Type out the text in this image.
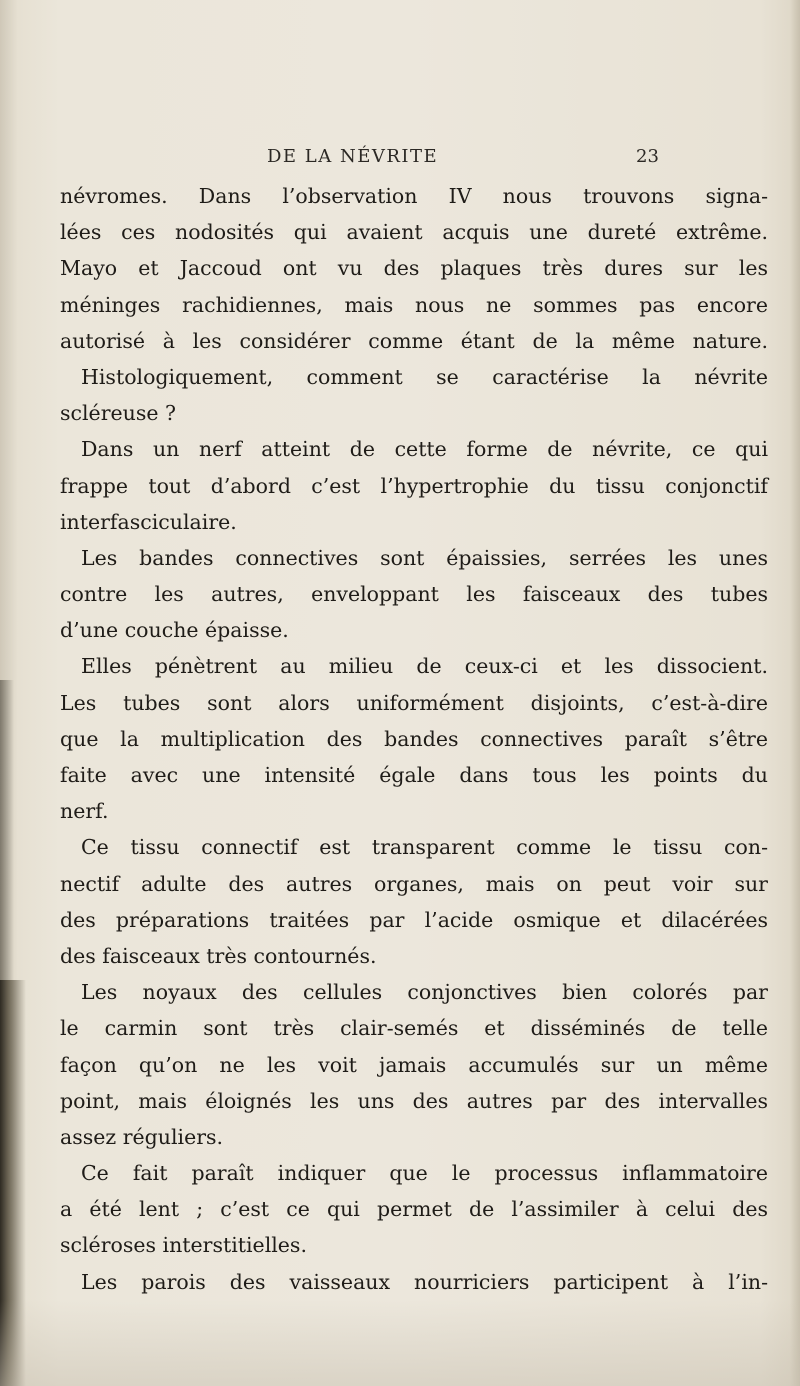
DE LA NÉVRITE	23
névromes. Dans l’observation IV nous trouvons signa-
lées ces nodosités qui avaient acquis une dureté extrême.
Mayo et Jaccoud ont vu des plaques très dures sur les
méninges rachidiennes, mais nous ne sommes pas encore
autorisé à les considérer comme étant de la même nature.
Histologiquement, comment se caractérise la névrite
scléreuse ?
Dans un nerf atteint de cette forme de névrite, ce qui
frappe tout d’abord c’est l’hypertrophie du tissu conjonctif
interfasciculaire.
Les bandes connectives sont épaissies, serrées les unes
contre les autres, enveloppant les faisceaux des tubes
d’une couche épaisse.
Elles pénètrent au milieu de ceux-ci et les dissocient.
Les tubes sont alors uniformément disjoints, c’est-à-dire
que la multiplication des bandes connectives paraît s’être
faite avec une intensité égale dans tous les points du
nerf.
Ce tissu connectif est transparent comme le tissu con-
nectif adulte des autres organes, mais on peut voir sur
des préparations traitées par l’acide osmique et dilacérées
des faisceaux très contournés.
Les noyaux des cellules conjonctives bien colorés par
le carmin sont très clair-semés et disséminés de telle
façon qu’on ne les voit jamais accumulés sur un même
point, mais éloignés les uns des autres par des intervalles
assez réguliers.
Ce fait paraît indiquer que le processus inflammatoire
a été lent ; c’est ce qui permet de l’assimiler à celui des
scléroses interstitielles.
Les parois des vaisseaux nourriciers participent à l’in-
